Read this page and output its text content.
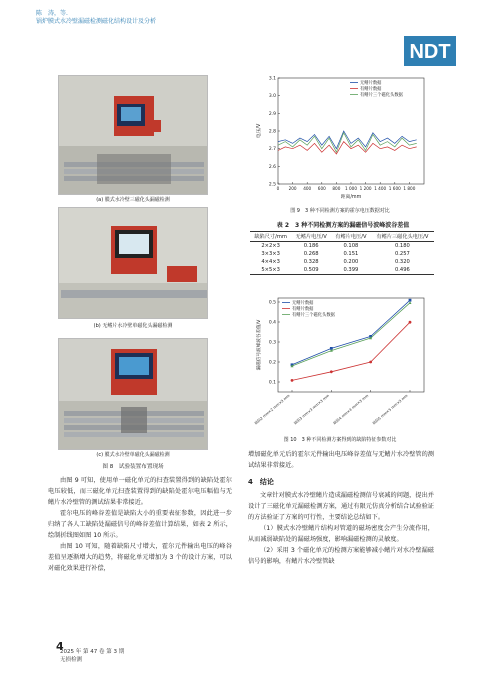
陈　涛，等.
锅炉膜式水冷壁漏磁检测磁化结构设计及分析
NDT
(a) 膜式水冷壁三磁化头漏磁检测
(b) 无鳍片水冷壁单磁化头漏磁检测
(c) 膜式水冷壁单磁化头漏磁检测
图 8　试验装置布置现场

由图 9 可知，使用单一磁化单元的扫查装置得到的缺陷处霍尔电压较低，而三磁化单元扫查装置得到的缺陷处霍尔电压幅值与无鳍片水冷壁管的测试结果非常接近。

霍尔电压的峰谷差值是缺陷大小的重要表征参数，因此进一步归纳了各人工缺陷处漏磁信号的峰谷差值计算结果，如表 2 所示，绘制折线图如图 10 所示。

由图 10 可知，随着缺陷尺寸增大，霍尔元件输出电压的峰谷差值呈逐渐增大的趋势，将磁化单元增加为 3 个的设计方案，可以对磁化效果进行补偿，

2.5
2.6
2.7
2.8
2.9
3.0
3.1
0 200 400 600 800 1 000 1 200 1 400 1 600 1 800
距离/mm
电压/V
无鳍片数据
有鳍片数据
有鳍片三个磁化头数据
图 9　3 种不同检测方案的霍尔电压数据对比
表 2　3 种不同检测方案的漏磁信号波峰波谷差值
缺陷尺寸/mm	无鳍片电压/V	有鳍片电压/V	有鳍片三磁化头电压/V
2×2×3	0.186	0.108	0.180
3×3×3	0.268	0.151	0.257
4×4×3	0.328	0.200	0.320
5×5×3	0.509	0.399	0.496
0.1
0.2
0.3
0.4
0.5
缺陷2 mm×2 mm×3 mm 缺陷3 mm×3 mm×3 mm 缺陷4 mm×4 mm×3 mm 缺陷5 mm×5 mm×3 mm
漏磁信号波峰波谷差值/V
无鳍片数据
有鳍片数据
有鳍片三个磁化头数据
图 10　3 种不同检测方案得到的缺陷特征参数对比

增加磁化单元后的霍尔元件输出电压峰谷差值与无鳍片水冷壁管的测试结果非常接近。

4　结论

文章针对膜式水冷壁鳍片造成漏磁检测信号衰减的问题，提出并设计了三磁化单元漏磁检测方案，通过有限元仿真分析结合试验验证的方法验证了方案的可行性，主要结论总结如下。

（1）膜式水冷壁鳍片结构对管道的磁场密度会产生分流作用，从而减弱缺陷处的漏磁场强度，影响漏磁检测的灵敏度。

（2）采用 3 个磁化单元的检测方案能够减小鳍片对水冷壁漏磁信号的影响，有鳍片水冷壁管缺

4
2025 年 第 47 卷 第 3 期
无损检测
